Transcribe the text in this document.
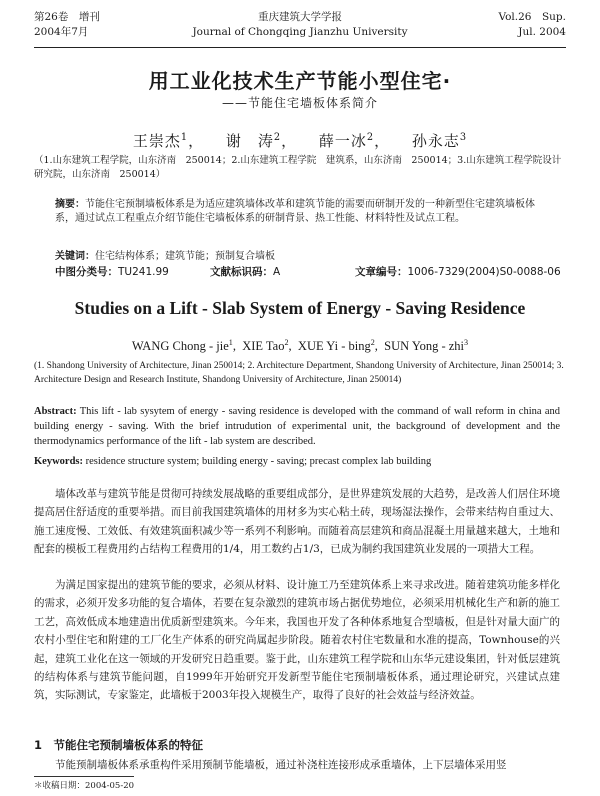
第26卷　增刊
2004年7月
重庆建筑大学学报
Journal of Chongqing Jianzhu University
Vol.26　Sup.
Jul. 2004
用工业化技术生产节能小型住宅·
——节能住宅墙板体系简介
王崇杰$^1$，  谢　涛$^2$，  薛一冰$^2$，  孙永志$^3$
（1.山东建筑工程学院，山东济南　250014；2.山东建筑工程学院　建筑系，山东济南　250014；3.山东建筑工程学院设计研究院，山东济南　250014）
摘要：节能住宅预制墙板体系是为适应建筑墙体改革和建筑节能的需要而研制开发的一种新型住宅建筑墙板体系，通过试点工程重点介绍节能住宅墙板体系的研制背景、热工性能、材料特性及试点工程。
关键词：住宅结构体系；建筑节能；预制复合墙板
中图分类号：TU241.99	文献标识码：A	文章编号：1006-7329(2004)S0-0088-06
Studies on a Lift - Slab System of Energy - Saving Residence
WANG Chong - jie$^1$,  XIE Tao$^2$,  XUE Yi - bing$^2$,  SUN Yong - zhi$^3$
(1. Shandong University of Architecture, Jinan 250014; 2. Architecture Department, Shandong University of Architecture, Jinan 250014; 3. Architecture Design and Research Institute, Shandong University of Architecture, Jinan 250014)
Abstract: This lift - lab sysytem of energy - saving residence is developed with the command of wall reform in china and building energy - saving. With the brief intrudution of experimental unit, the background of development and the thermodynamics performance of the lift - lab system are described.
Keywords: residence structure system; building energy - saving; precast complex lab building

墙体改革与建筑节能是贯彻可持续发展战略的重要组成部分，是世界建筑发展的大趋势，是改善人们居住环境提高居住舒适度的重要举措。而目前我国建筑墙体的用材多为实心粘土砖，现场湿法操作，会带来结构自重过大、施工速度慢、工效低、有效建筑面积减少等一系列不利影响。而随着高层建筑和商品混凝土用量越来越大，土地和配套的模板工程费用约占结构工程费用的1/4，用工数约占1/3，已成为制约我国建筑业发展的一项措大工程。

为满足国家提出的建筑节能的要求，必须从材料、设计施工乃至建筑体系上来寻求改进。随着建筑功能多样化的需求，必须开发多功能的复合墙体，若要在复杂激烈的建筑市场占据优势地位，必须采用机械化生产和新的施工工艺，高效低成本地建造出优质新型建筑来。今年来，我国也开发了各种体系地复合型墙板，但是针对量大面广的农村小型住宅和附建的工厂化生产体系的研究尚属起步阶段。随着农村住宅数量和水准的提高，Townhouse的兴起，建筑工业化在这一领域的开发研究日趋重要。鉴于此，山东建筑工程学院和山东华元建设集团，针对低层建筑的结构体系与建筑节能问题，自1999年开始研究开发新型节能住宅预制墙板体系，通过理论研究，兴建试点建筑，实际测试，专家鉴定，此墙板于2003年投入规模生产，取得了良好的社会效益与经济效益。

1　节能住宅预制墙板体系的特征

节能预制墙板体系承重构件采用预制节能墙板，通过补浇柱连接形成承重墙体，上下层墙体采用竖

＊收稿日期：2004-05-20
